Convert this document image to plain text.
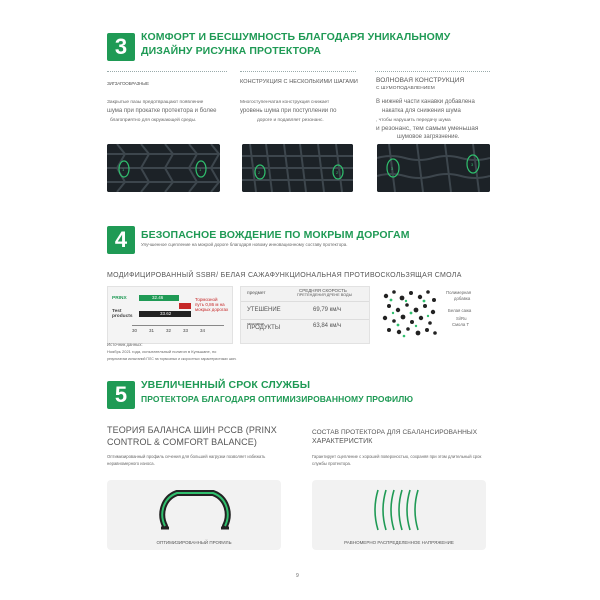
3	КОМФОРТ И БЕСШУМНОСТЬ БЛАГОДАРЯ УНИКАЛЬНОМУ
ДИЗАЙНУ РИСУНКА ПРОТЕКТОРА
ЗИГЗАГООБРАЗНЫЕ
Закрытые пазы предотвращают появление
шума при прокатке протектора и более
благоприятно для окружающей среды.
КОНСТРУКЦИЯ С НЕСКОЛЬКИМИ ШАГАМИ
Многоступенчатая конструкция снижает
уровень шума при поступлении по
дороге и подавляет резонанс.
ВОЛНОВАЯ КОНСТРУКЦИЯ
С ШУМОПОДАВЛЕНИЕМ
В нижней части канавки добавлена
накатка для снижения шума
, чтобы нарушить передачу шума
и резонанс, тем самым уменьшая
шумовое загрязнение.
1	1
2	2
3
3
4	БЕЗОПАСНОЕ ВОЖДЕНИЕ ПО МОКРЫМ ДОРОГАМ
Улучшенное сцепление на мокрой дороге благодаря новому инновационному составу протектора.
МОДИФИЦИРОВАННЫЙ SSBR/ БЕЛАЯ САЖАФУНКЦИОНАЛЬНАЯ ПРОТИВОСКОЛЬЗЯЩАЯ СМОЛА
PRINX	32.46
Test
products
33.62
Тормозной
путь 0,86 м на
мокрых дорогах
30	31	32	33	34
предмет
СРЕДНЯЯ СКОРОСТЬ
ПРЕТЕНДЕНИЯ ДРЕНЕ ВОДЫ
УТЕШЕНИЕ	69,79 км/ч
тестовые
ПРОДУКТЫ	63,84 км/ч
Полимерная
добавка
Белая сажа
Si/Ru
Смола Т
Источник данных:
Ноябрь 2021 года, испытательный полигон в Куньшане, по
результатам испытаний ПЛС на тормозных и скоростных характеристиках шин.
5	УВЕЛИЧЕННЫЙ СРОК СЛУЖБЫ
ПРОТЕКТОРА БЛАГОДАРЯ ОПТИМИЗИРОВАННОМУ ПРОФИЛЮ
ТЕОРИЯ БАЛАНСА ШИН PCCB (PRINX
CONTROL & COMFORT BALANCE)
Оптимизированный профиль сечения для большей нагрузки позволяет избежать
неравномерного износа.
СОСТАВ ПРОТЕКТОРА ДЛЯ СБАЛАНСИРОВАННЫХ
ХАРАКТЕРИСТИК
Гарантирует сцепление с хорошей поверхностью, сохраняя при этом длительный срок
службы протектора.
ОПТИМИЗИРОВАННЫЙ ПРОФИЛЬ	РАВНОМЕРНО РАСПРЕДЕЛЕННОЕ НАПРЯЖЕНИЕ
9
